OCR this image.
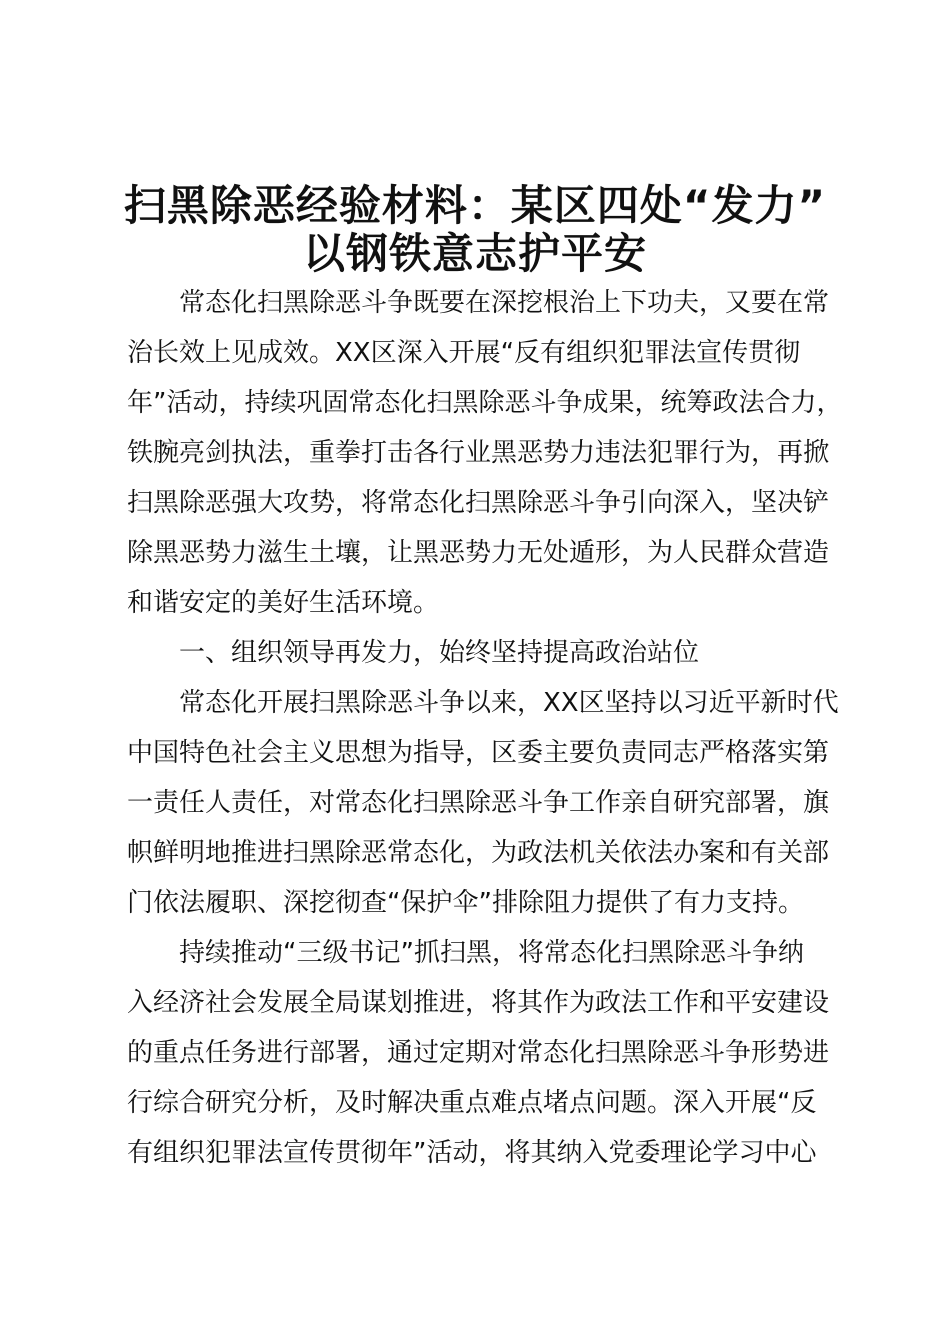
扫黑除恶经验材料：某区四处“发力”
以钢铁意志护平安

　　常态化扫黑除恶斗争既要在深挖根治上下功夫，又要在常

治长效上见成效。XX区深入开展“反有组织犯罪法宣传贯彻

年”活动，持续巩固常态化扫黑除恶斗争成果，统筹政法合力，

铁腕亮剑执法，重拳打击各行业黑恶势力违法犯罪行为，再掀

扫黑除恶强大攻势，将常态化扫黑除恶斗争引向深入，坚决铲

除黑恶势力滋生土壤，让黑恶势力无处遁形，为人民群众营造

和谐安定的美好生活环境。

　　一、组织领导再发力，始终坚持提高政治站位

　　常态化开展扫黑除恶斗争以来，XX区坚持以习近平新时代

中国特色社会主义思想为指导，区委主要负责同志严格落实第

一责任人责任，对常态化扫黑除恶斗争工作亲自研究部署，旗

帜鲜明地推进扫黑除恶常态化，为政法机关依法办案和有关部

门依法履职、深挖彻查“保护伞”排除阻力提供了有力支持。

　　持续推动“三级书记”抓扫黑，将常态化扫黑除恶斗争纳

入经济社会发展全局谋划推进，将其作为政法工作和平安建设

的重点任务进行部署，通过定期对常态化扫黑除恶斗争形势进

行综合研究分析，及时解决重点难点堵点问题。深入开展“反

有组织犯罪法宣传贯彻年”活动，将其纳入党委理论学习中心
